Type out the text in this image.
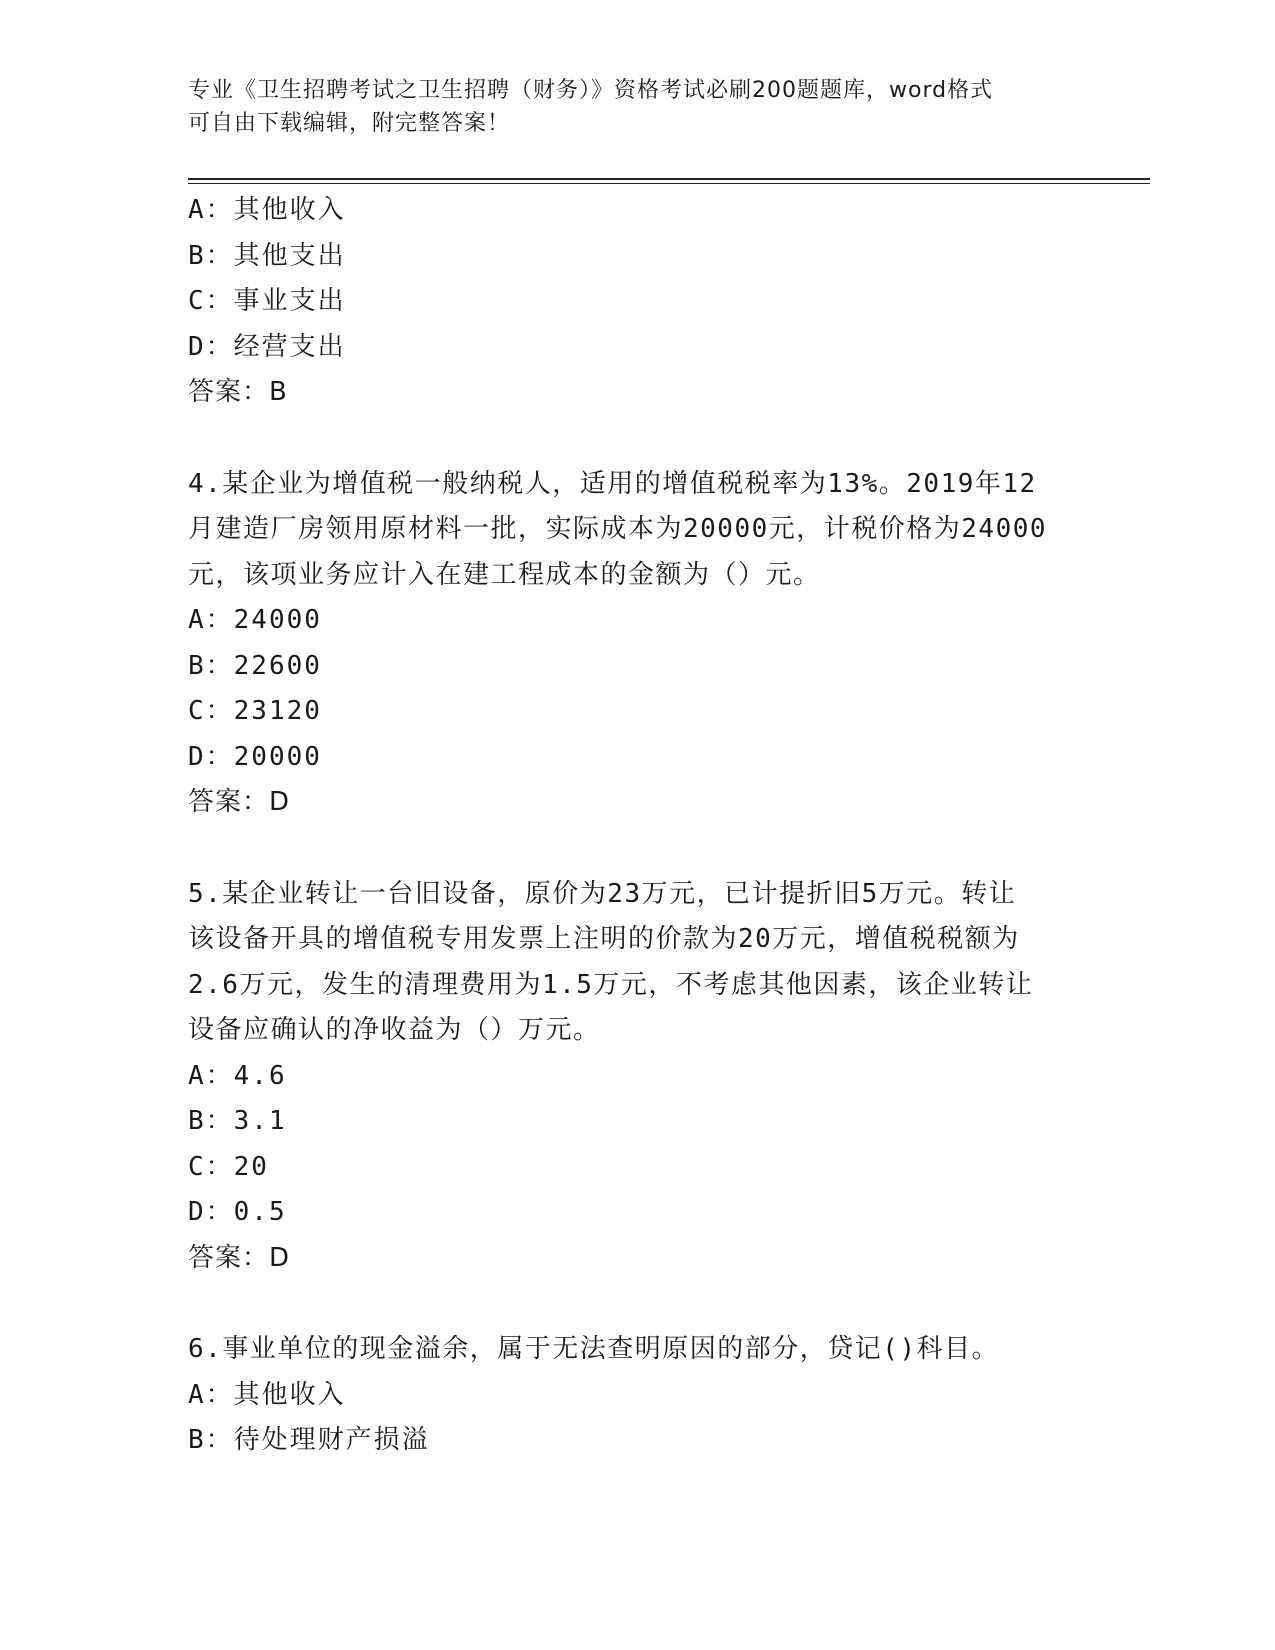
专业《卫生招聘考试之卫生招聘（财务）》资格考试必刷200题题库，word格式
可自由下载编辑，附完整答案！
A：其他收入
B：其他支出
C：事业支出
D：经营支出
答案：B
4.某企业为增值税一般纳税人，适用的增值税税率为13%。2019年12
月建造厂房领用原材料一批，实际成本为20000元，计税价格为24000
元，该项业务应计入在建工程成本的金额为（）元。
A：24000
B：22600
C：23120
D：20000
答案：D
5.某企业转让一台旧设备，原价为23万元，已计提折旧5万元。转让
该设备开具的增值税专用发票上注明的价款为20万元，增值税税额为
2.6万元，发生的清理费用为1.5万元，不考虑其他因素，该企业转让
设备应确认的净收益为（）万元。
A：4.6
B：3.1
C：20
D：0.5
答案：D
6.事业单位的现金溢余，属于无法查明原因的部分，贷记()科目。
A：其他收入
B：待处理财产损溢
